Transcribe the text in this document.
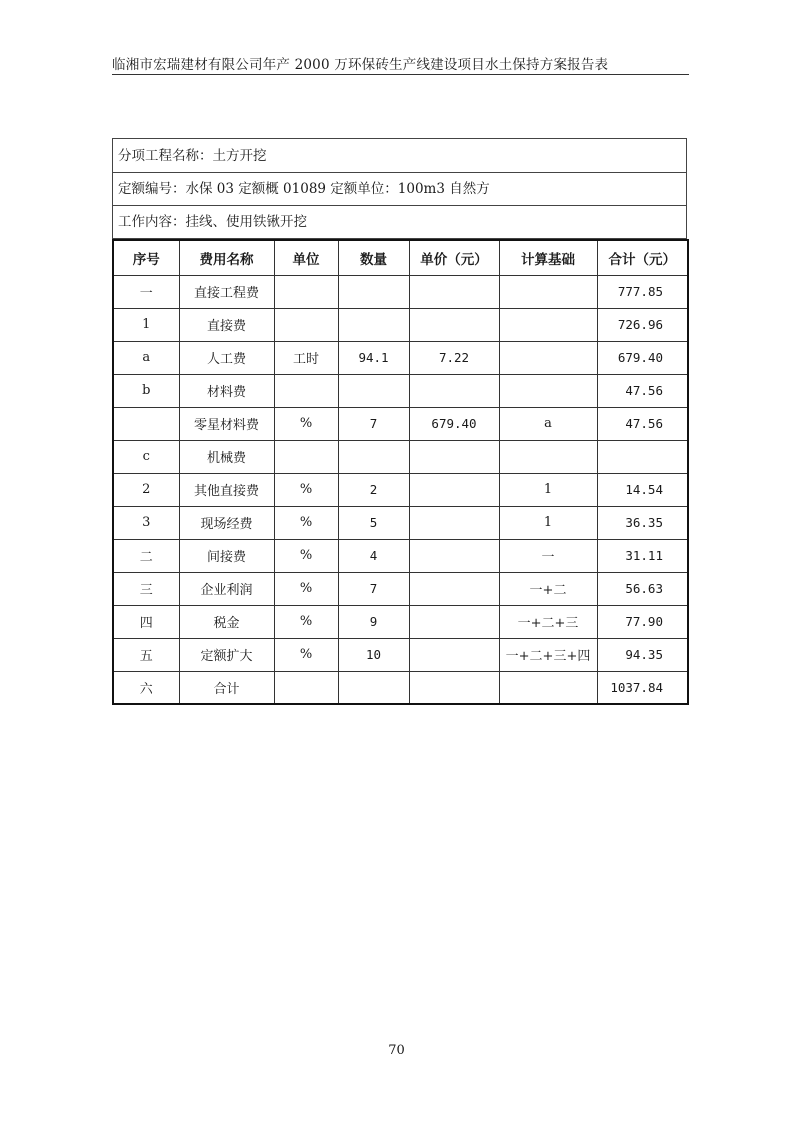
临湘市宏瑞建材有限公司年产 2000 万环保砖生产线建设项目水土保持方案报告表
分项工程名称：土方开挖
定额编号：水保 03 定额概 01089 定额单位：100m3 自然方
工作内容：挂线、使用铁锹开挖
序号	费用名称	单位	数量	单价（元）	计算基础	合计（元）
一	直接工程费					777.85
1	直接费					726.96
a	人工费	工时	94.1	7.22		679.40
b	材料费					47.56
	零星材料费	%	7	679.40	a	47.56
c	机械费					
2	其他直接费	%	2		1	14.54
3	现场经费	%	5		1	36.35
二	间接费	%	4		一	31.11
三	企业利润	%	7		一+二	56.63
四	税金	%	9		一+二+三	77.90
五	定额扩大	%	10		一+二+三+四	94.35
六	合计					1037.84
70
